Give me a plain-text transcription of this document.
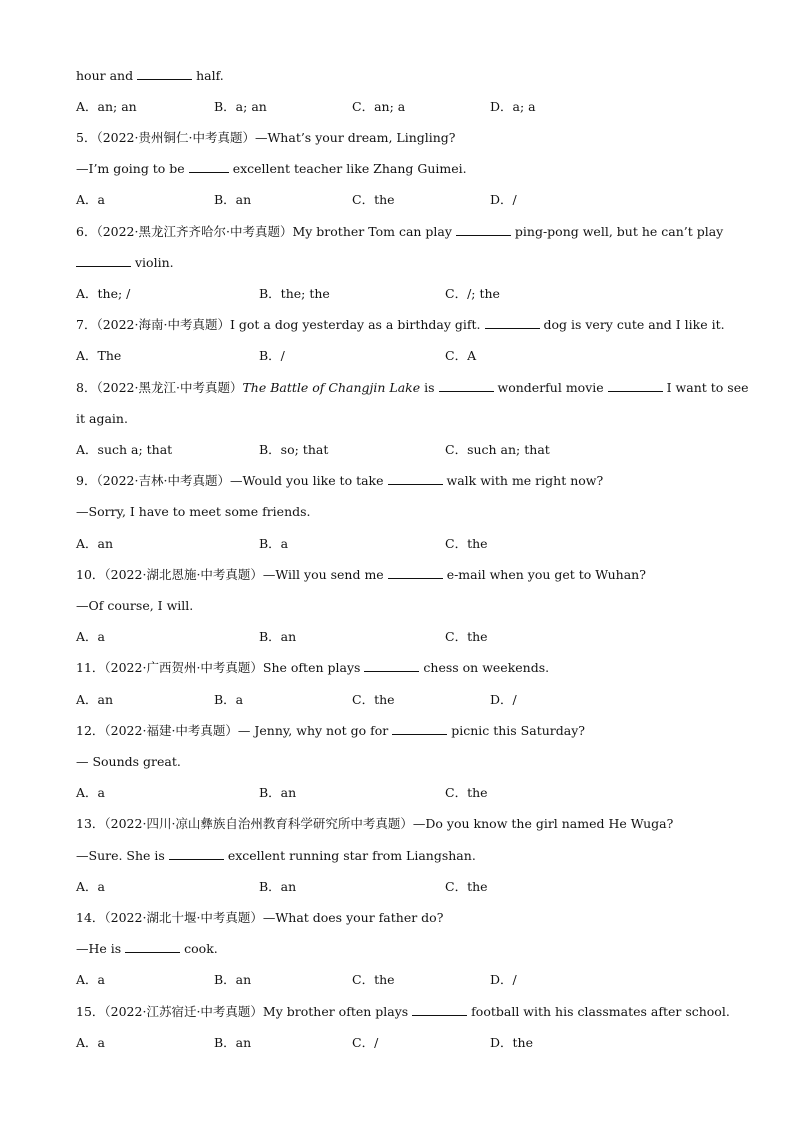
hour and	half.
A．an; an	B．a; an	C．an; a	D．a; a
5．（2022·贵州铜仁·中考真题）—What’s your dream, Lingling?
—I’m going to be	excellent teacher like Zhang Guimei.
A．a	B．an	C．the	D．/
6．（2022·黑龙江齐齐哈尔·中考真题）My brother Tom can play	ping-pong well, but he can’t play
violin.
A．the; /	B．the; the	C．/; the
7．（2022·海南·中考真题）I got a dog yesterday as a birthday gift.	dog is very cute and I like it.
A．The	B．/	C．A
8．（2022·黑龙江·中考真题）The Battle of Changjin Lake is	wonderful movie	I want to see
it again.
A．such a; that	B．so; that	C．such an; that
9．（2022·吉林·中考真题）—Would you like to take	walk with me right now?
—Sorry, I have to meet some friends.
A．an	B．a	C．the
10．（2022·湖北恩施·中考真题）—Will you send me	e-mail when you get to Wuhan?
—Of course, I will.
A．a	B．an	C．the
11．（2022·广西贺州·中考真题）She often plays	chess on weekends.
A．an	B．a	C．the	D．/
12．（2022·福建·中考真题）— Jenny, why not go for	picnic this Saturday?
— Sounds great.
A．a	B．an	C．the
13．（2022·四川·凉山彝族自治州教育科学研究所中考真题）—Do you know the girl named He Wuga?
—Sure. She is	excellent running star from Liangshan.
A．a	B．an	C．the
14．（2022·湖北十堰·中考真题）—What does your father do?
—He is	cook.
A．a	B．an	C．the	D．/
15．（2022·江苏宿迁·中考真题）My brother often plays	football with his classmates after school.
A．a	B．an	C．/	D．the
